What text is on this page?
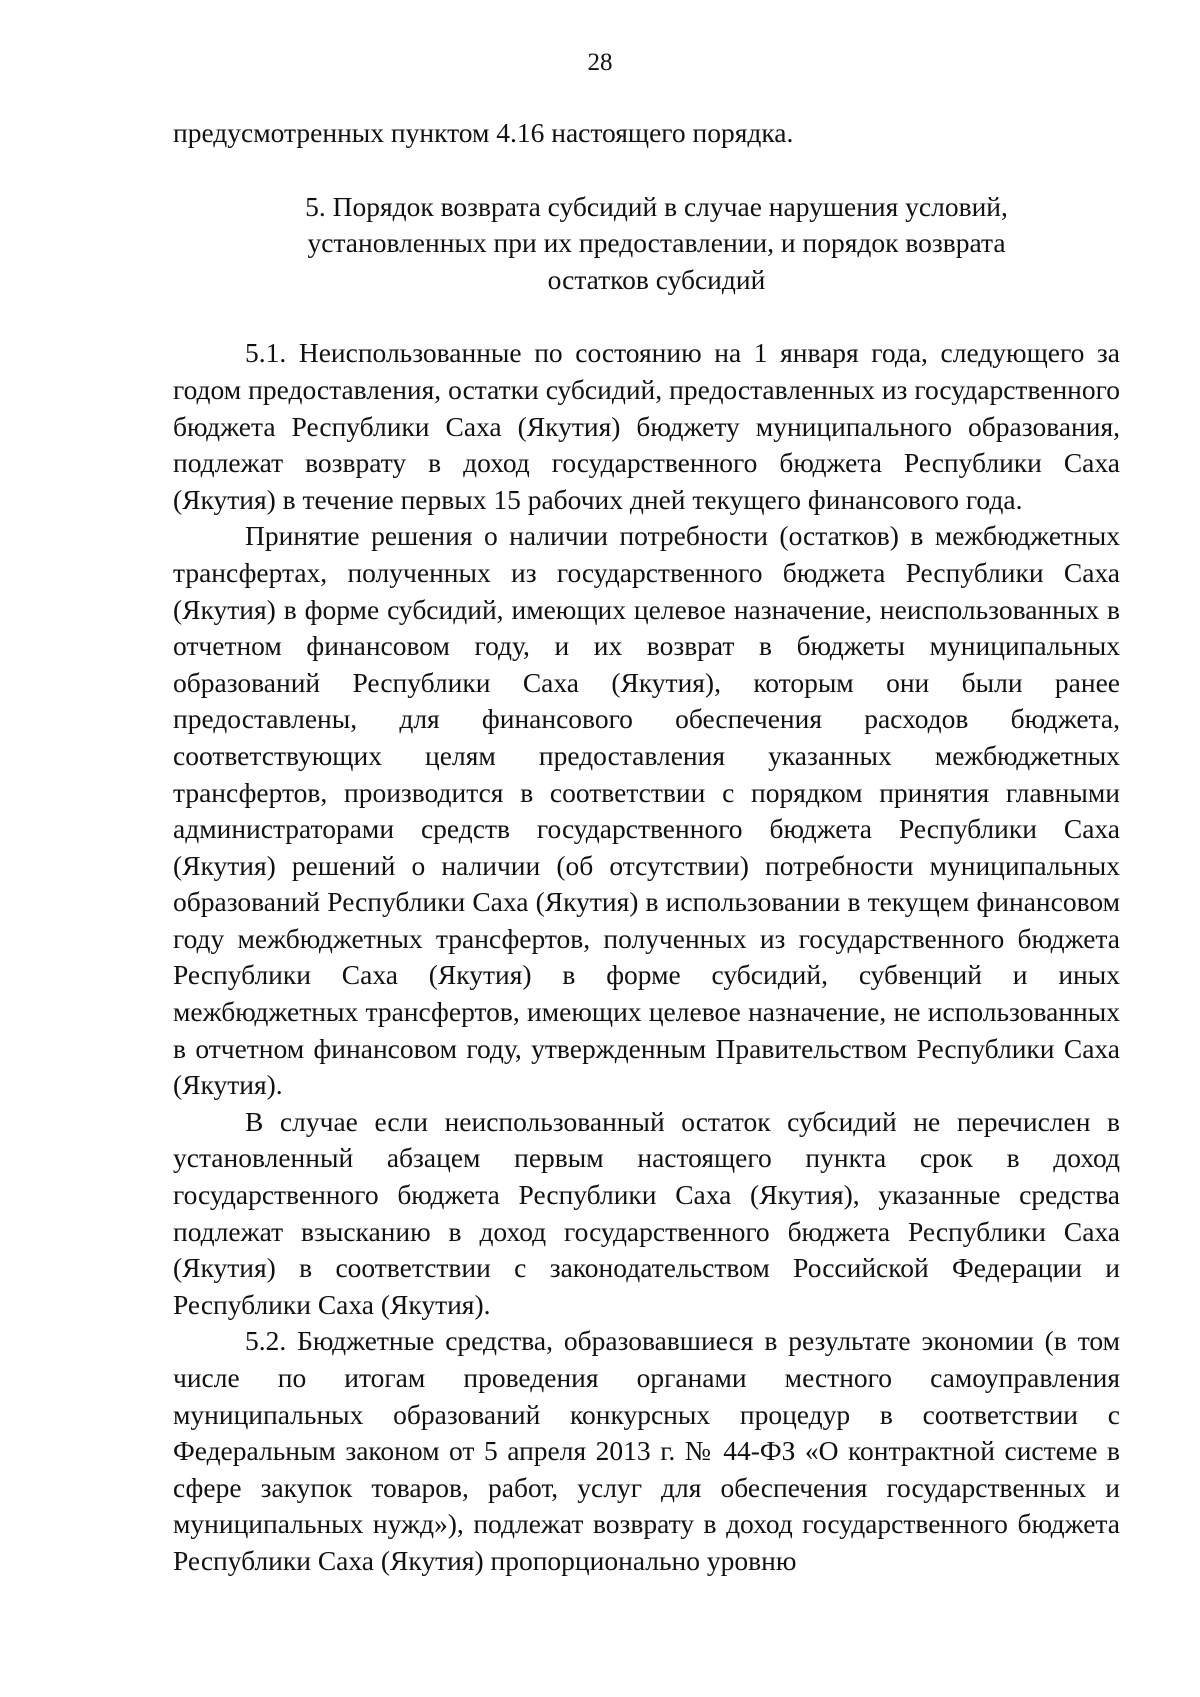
28

предусмотренных пунктом 4.16 настоящего порядка.

5. Порядок возврата субсидий в случае нарушения условий,
установленных при их предоставлении, и порядок возврата
остатков субсидий

5.1. Неиспользованные по состоянию на 1 января года, следующего за годом предоставления, остатки субсидий, предоставленных из государственного бюджета Республики Саха (Якутия) бюджету муниципального образования, подлежат возврату в доход государственного бюджета Республики Саха (Якутия) в течение первых 15 рабочих дней текущего финансового года.

Принятие решения о наличии потребности (остатков) в межбюджетных трансфертах, полученных из государственного бюджета Республики Саха (Якутия) в форме субсидий, имеющих целевое назначение, неиспользованных в отчетном финансовом году, и их возврат в бюджеты муниципальных образований Республики Саха (Якутия), которым они были ранее предоставлены, для финансового обеспечения расходов бюджета, соответствующих целям предоставления указанных межбюджетных трансфертов, производится в соответствии с порядком принятия главными администраторами средств государственного бюджета Республики Саха (Якутия) решений о наличии (об отсутствии) потребности муниципальных образований Республики Саха (Якутия) в использовании в текущем финансовом году межбюджетных трансфертов, полученных из государственного бюджета Республики Саха (Якутия) в форме субсидий, субвенций и иных межбюджетных трансфертов, имеющих целевое назначение, не использованных в отчетном финансовом году, утвержденным Правительством Республики Саха (Якутия).

В случае если неиспользованный остаток субсидий не перечислен в установленный абзацем первым настоящего пункта срок в доход государственного бюджета Республики Саха (Якутия), указанные средства подлежат взысканию в доход государственного бюджета Республики Саха (Якутия) в соответствии с законодательством Российской Федерации и Республики Саха (Якутия).

5.2. Бюджетные средства, образовавшиеся в результате экономии (в том числе по итогам проведения органами местного самоуправления муниципальных образований конкурсных процедур в соответствии с Федеральным законом от 5 апреля 2013 г. № 44-ФЗ «О контрактной системе в сфере закупок товаров, работ, услуг для обеспечения государственных и муниципальных нужд»), подлежат возврату в доход государственного бюджета Республики Саха (Якутия) пропорционально уровню
